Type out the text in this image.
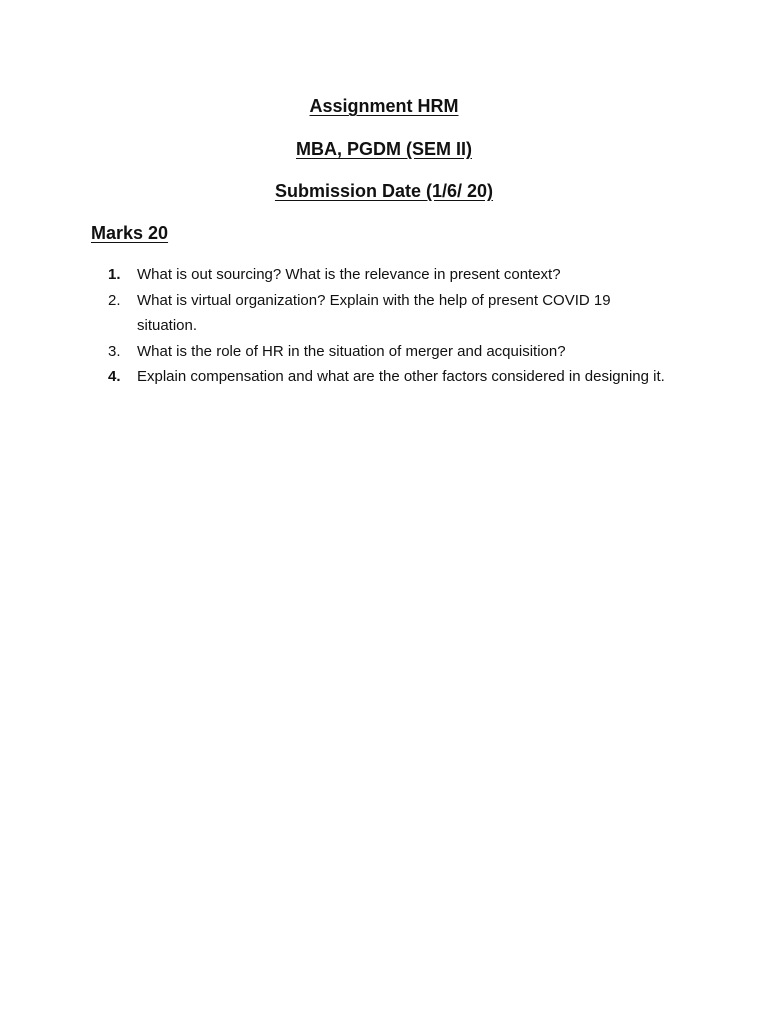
Assignment HRM
MBA, PGDM (SEM II)
Submission Date (1/6/ 20)
Marks 20
1.	What is out sourcing? What is the relevance in present context?
2.	What is virtual organization? Explain with the help of present COVID 19 situation.
3.	What is the role of HR in the situation of merger and acquisition?
4.	Explain compensation and what are the other factors considered in designing it.
